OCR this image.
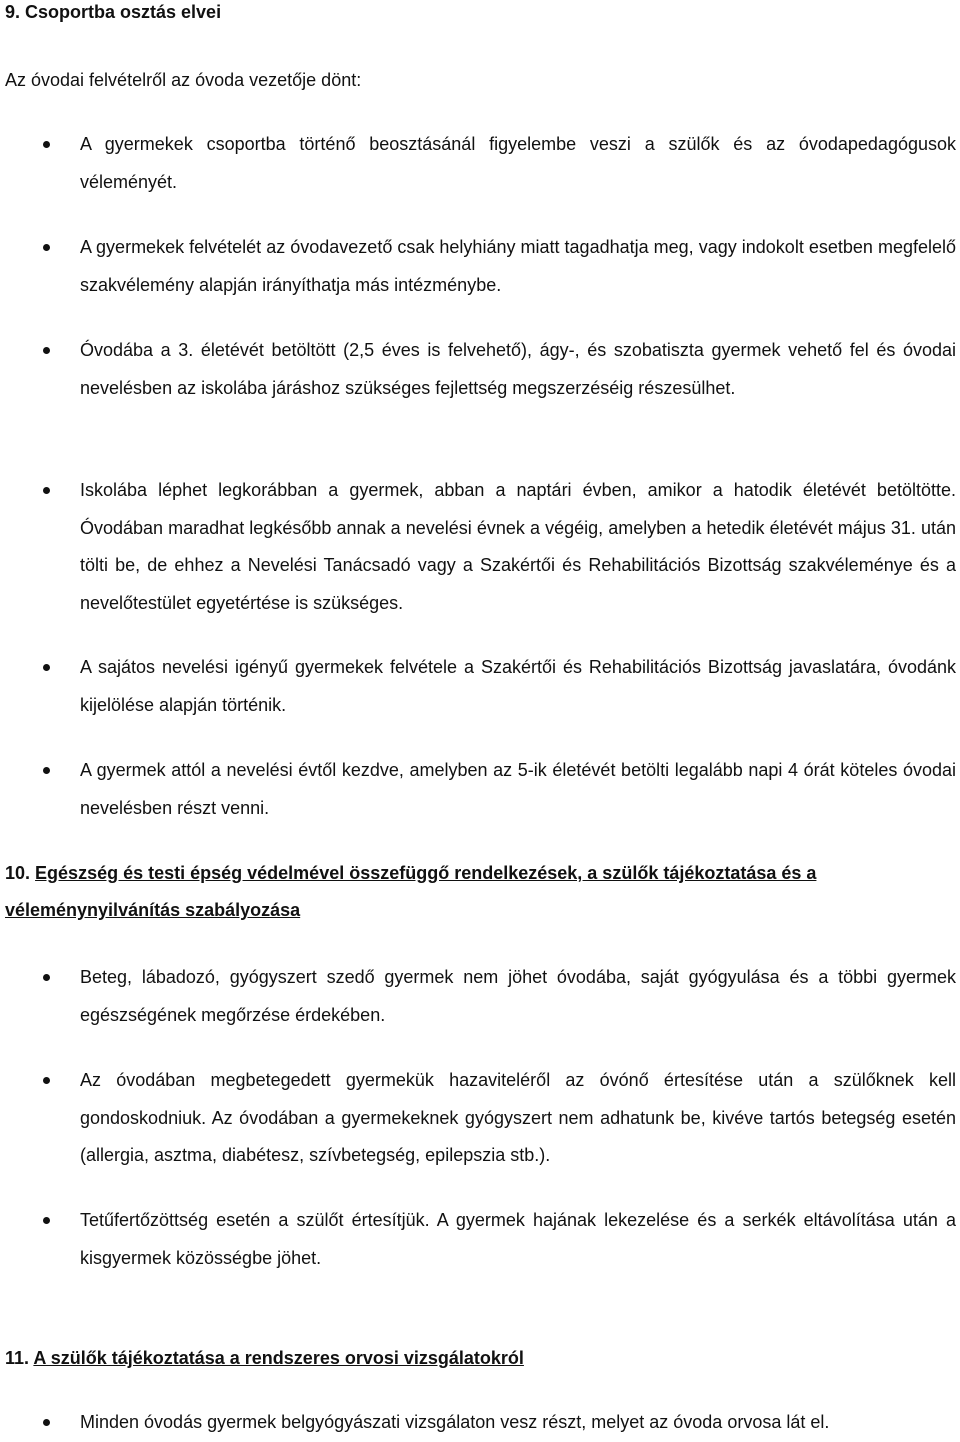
9. Csoportba osztás elvei

Az óvodai felvételről az óvoda vezetője dönt:

A gyermekek csoportba történő beosztásánál figyelembe veszi a szülők és az óvodapedagógusok véleményét.
A gyermekek felvételét az óvodavezető csak helyhiány miatt tagadhatja meg, vagy indokolt esetben megfelelő szakvélemény alapján irányíthatja más intézménybe.
Óvodába a 3. életévét betöltött (2,5 éves is felvehető), ágy-, és szobatiszta gyermek vehető fel és óvodai nevelésben az iskolába járáshoz szükséges fejlettség megszerzéséig részesülhet.
Iskolába léphet legkorábban a gyermek, abban a naptári évben, amikor a hatodik életévét betöltötte. Óvodában maradhat legkésőbb annak a nevelési évnek a végéig, amelyben a hetedik életévét május 31. után tölti be, de ehhez a Nevelési Tanácsadó vagy a Szakértői és Rehabilitációs Bizottság szakvéleménye és a nevelőtestület egyetértése is szükséges.
A sajátos nevelési igényű gyermekek felvétele a Szakértői és Rehabilitációs Bizottság javaslatára, óvodánk kijelölése alapján történik.
A gyermek attól a nevelési évtől kezdve, amelyben az 5-ik életévét betölti legalább napi 4 órát köteles óvodai nevelésben részt venni.
10. Egészség és testi épség védelmével összefüggő rendelkezések, a szülők tájékoztatása és a véleménynyilvánítás szabályozása
Beteg, lábadozó, gyógyszert szedő gyermek nem jöhet óvodába, saját gyógyulása és a többi gyermek egészségének megőrzése érdekében.
Az óvodában megbetegedett gyermekük hazaviteléről az óvónő értesítése után a szülőknek kell gondoskodniuk. Az óvodában a gyermekeknek gyógyszert nem adhatunk be, kivéve tartós betegség esetén (allergia, asztma, diabétesz, szívbetegség, epilepszia stb.).
Tetűfertőzöttség esetén a szülőt értesítjük. A gyermek hajának lekezelése és a serkék eltávolítása után a kisgyermek közösségbe jöhet.
11. A szülők tájékoztatása a rendszeres orvosi vizsgálatokról
Minden óvodás gyermek belgyógyászati vizsgálaton vesz részt, melyet az óvoda orvosa lát el.
